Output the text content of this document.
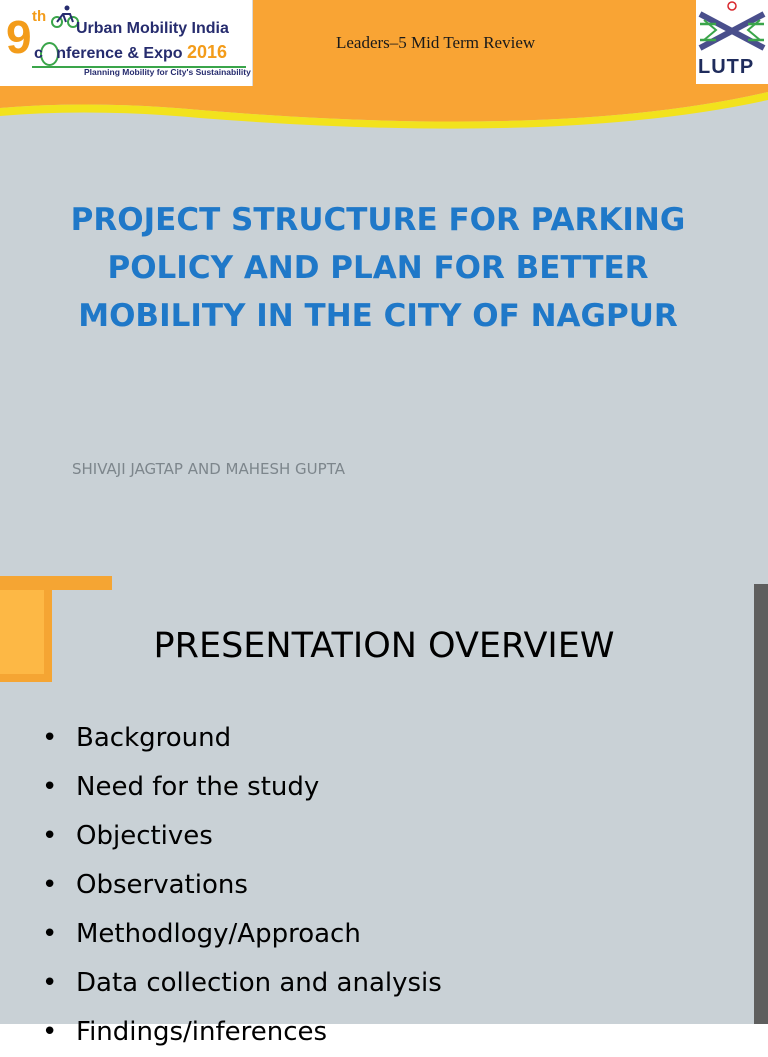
9 th
Urban Mobility India
c nference & Expo 2016
Planning Mobility for City's Sustainability
Leaders–5 Mid Term Review
LUTP
PROJECT STRUCTURE FOR PARKING
POLICY AND PLAN FOR BETTER
MOBILITY IN THE CITY OF NAGPUR
SHIVAJI JAGTAP AND MAHESH GUPTA
PRESENTATION OVERVIEW
• Background
• Need for the study
• Objectives
• Observations
• Methodlogy/Approach
• Data collection and analysis
• Findings/inferences
